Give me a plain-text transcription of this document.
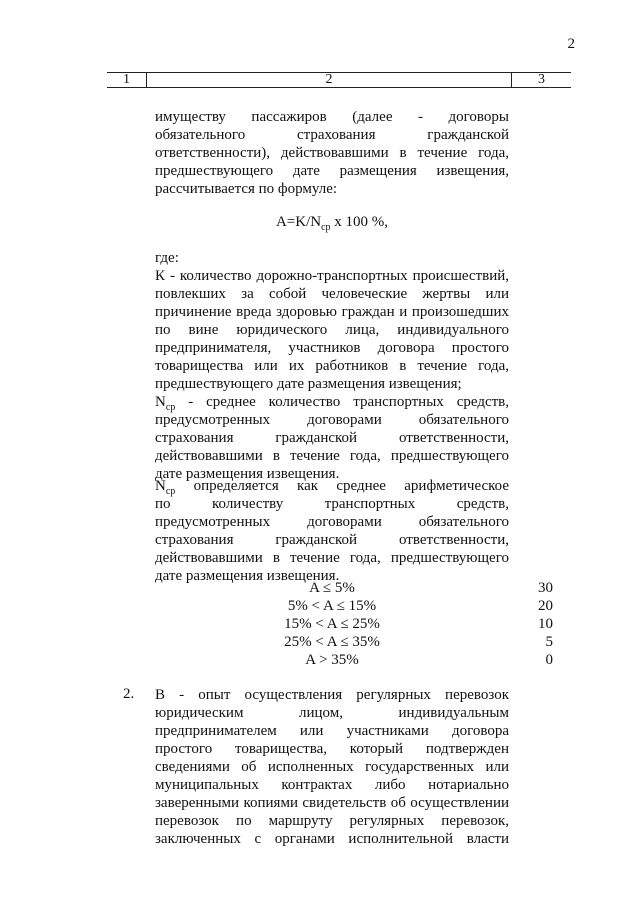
2
1	2	3
имуществу пассажиров (далее - договоры
обязательного страхования гражданской
ответственности), действовавшими в течение года,
предшествующего дате размещения извещения,
рассчитывается по формуле:
$A=K/N_{ср}$ x 100 %,
где:
К - количество дорожно-транспортных происшествий,
повлекших за собой человеческие жертвы или
причинение вреда здоровью граждан и произошедших
по вине юридического лица, индивидуального
предпринимателя, участников договора простого
товарищества или их работников в течение года,
предшествующего дате размещения извещения;
$N_{ср}$ - среднее количество транспортных средств,
предусмотренных договорами обязательного
страхования гражданской ответственности,
действовавшими в течение года, предшествующего
дате размещения извещения.
$N_{ср}$ определяется как среднее арифметическое
по количеству транспортных средств,
предусмотренных договорами обязательного
страхования гражданской ответственности,
действовавшими в течение года, предшествующего
дате размещения извещения.
A ≤ 5%	30
5% < A ≤ 15%	20
15% < A ≤ 25%	10
25% < A ≤ 35%	5
A > 35%	0
2. В - опыт осуществления регулярных перевозок
юридическим лицом, индивидуальным
предпринимателем или участниками договора
простого товарищества, который подтвержден
сведениями об исполненных государственных или
муниципальных контрактах либо нотариально
заверенными копиями свидетельств об осуществлении
перевозок по маршруту регулярных перевозок,
заключенных с органами исполнительной власти
